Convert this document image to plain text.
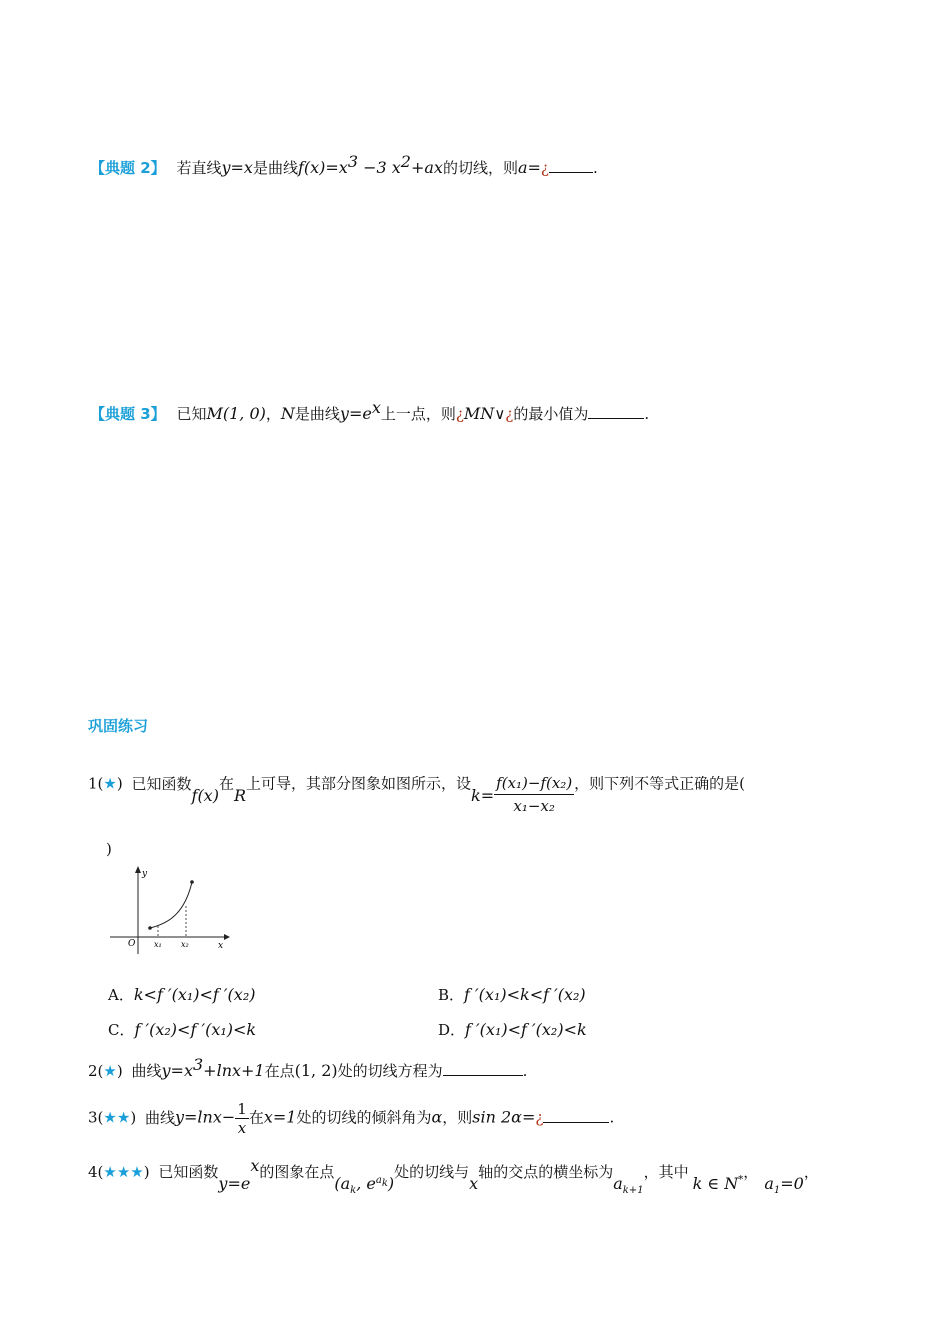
【典题 2】 若直线y=x是曲线$f(x)=x^3 -3$ $x^2+ax$的切线，则a=¿	.
【典题 3】 已知M(1, 0)，N是曲线$y=e^x$上一点，则¿MN∨¿的最小值为	.
巩固练习
1(★) 已知函数f(x)在R上可导，其部分图象如图所示，设$k= \frac{\text{f(x₁)−f(x₂)}}{\text{x₁−x₂}}$ ，则下列不等式正确的是(
)
y
x
O x₁ x₂
A．k<f ′(x₁)<f ′(x₂)	B．f ′(x₁)<k<f ′(x₂)
C．f ′(x₂)<f ′(x₁)<k	D．f ′(x₁)<f ′(x₂)<k
2(★) 曲线$y=x^3+\ln x+1$在点(1, 2)处的切线方程为	.
3(★★) 曲线$y=\ln x- \frac{1}{x}$ 在x=1处的切线的倾斜角为α，则sin 2α=¿	.
4(★★★) 已知函数$y=e^x$的图象在点($a_k$, $e^{a_k}$)处的切线与x轴的交点的横坐标为$a_{k+1}$，其中k ∈ N*，$a_1=0$，
